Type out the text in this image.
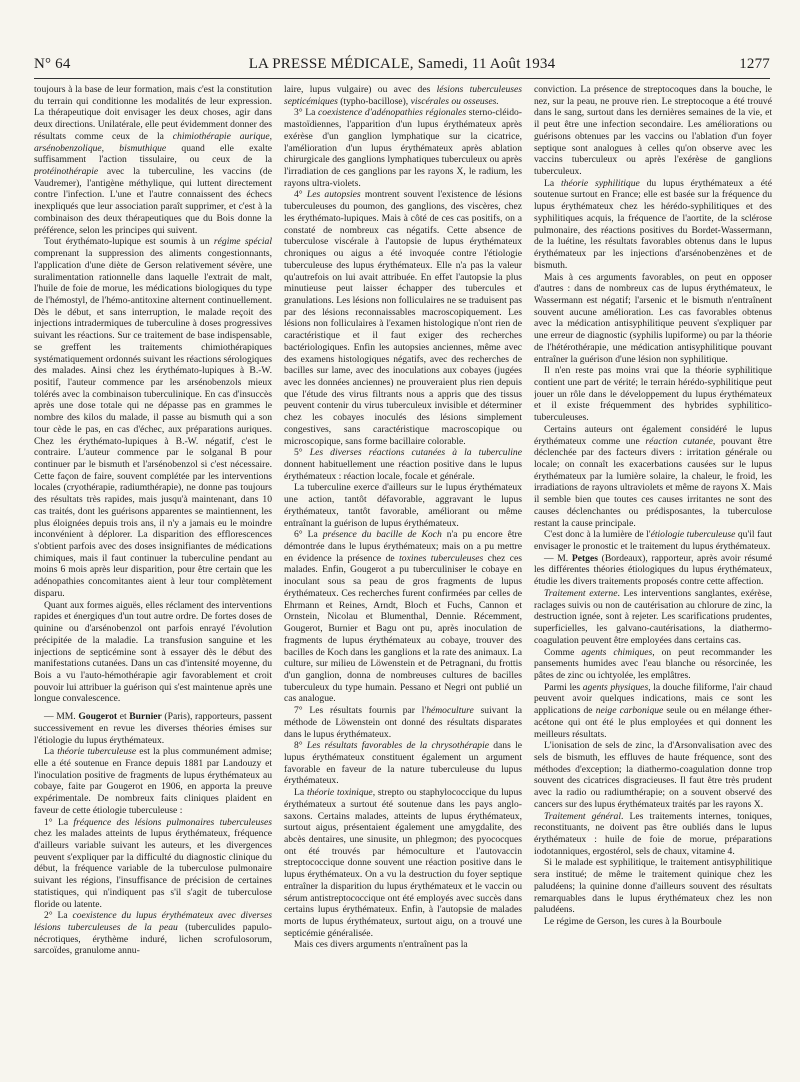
N° 64	LA PRESSE MÉDICALE, Samedi, 11 Août 1934	1277

toujours à la base de leur formation, mais c'est la constitution du terrain qui conditionne les modalités de leur expression. La thérapeutique doit envisager les deux choses, agir dans deux directions. Unilatérale, elle peut évidemment donner des résultats comme ceux de la chimiothérapie aurique, arsénobenzolique, bismuthique quand elle exalte suffisamment l'action tissulaire, ou ceux de la protéinothérapie avec la tuberculine, les vaccins (de Vaudremer), l'antigène méthylique, qui luttent directement contre l'infection. L'une et l'autre connaissent des échecs inexpliqués que leur association paraît supprimer, et c'est à la combinaison des deux thérapeutiques que du Bois donne la préférence, selon les principes qui suivent.

Tout érythémato-lupique est soumis à un régime spécial comprenant la suppression des aliments congestionnants, l'application d'une diète de Gerson relativement sévère, une suralimentation rationnelle dans laquelle l'extrait de malt, l'huile de foie de morue, les médications biologiques du type de l'hémostyl, de l'hémo-antitoxine alternent continuellement. Dès le début, et sans interruption, le malade reçoit des injections intradermiques de tuberculine à doses progressives suivant les réactions. Sur ce traitement de base indispensable, se greffent les traitements chimiothérapiques systématiquement ordonnés suivant les réactions sérologiques des malades. Ainsi chez les érythémato-lupiques à B.-W. positif, l'auteur commence par les arsénobenzols mieux tolérés avec la combinaison tuberculinique. En cas d'insuccès après une dose totale qui ne dépasse pas en grammes le nombre des kilos du malade, il passe au bismuth qui a son tour cède le pas, en cas d'échec, aux préparations auriques. Chez les érythémato-lupiques à B.-W. négatif, c'est le contraire. L'auteur commence par le solganal B pour continuer par le bismuth et l'arsénobenzol si c'est nécessaire. Cette façon de faire, souvent complétée par les interventions locales (cryothérapie, radiumthérapie), ne donne pas toujours des résultats très rapides, mais jusqu'à maintenant, dans 10 cas traités, dont les guérisons apparentes se maintiennent, les plus éloignées depuis trois ans, il n'y a jamais eu le moindre inconvénient à déplorer. La disparition des efflorescences s'obtient parfois avec des doses insignifiantes de médications chimiques, mais il faut continuer la tuberculine pendant au moins 6 mois après leur disparition, pour être certain que les adénopathies concomitantes aient à leur tour complètement disparu.

Quant aux formes aiguës, elles réclament des interventions rapides et énergiques d'un tout autre ordre. De fortes doses de quinine ou d'arsénobenzol ont parfois enrayé l'évolution précipitée de la maladie. La transfusion sanguine et les injections de septicémine sont à essayer dès le début des manifestations cutanées. Dans un cas d'intensité moyenne, du Bois a vu l'auto-hémothérapie agir favorablement et croit pouvoir lui attribuer la guérison qui s'est maintenue après une longue convalescence.

— MM. Gougerot et Burnier (Paris), rapporteurs, passent successivement en revue les diverses théories émises sur l'étiologie du lupus érythémateux.

La théorie tuberculeuse est la plus communément admise; elle a été soutenue en France depuis 1881 par Landouzy et l'inoculation positive de fragments de lupus érythémateux au cobaye, faite par Gougerot en 1906, en apporta la preuve expérimentale. De nombreux faits cliniques plaident en faveur de cette étiologie tuberculeuse :

1° La fréquence des lésions pulmonaires tuberculeuses chez les malades atteints de lupus érythémateux, fréquence d'ailleurs variable suivant les auteurs, et les divergences peuvent s'expliquer par la difficulté du diagnostic clinique du début, la fréquence variable de la tuberculose pulmonaire suivant les régions, l'insuffisance de précision de certaines statistiques, qui n'indiquent pas s'il s'agit de tuberculose floride ou latente.

2° La coexistence du lupus érythémateux avec diverses lésions tuberculeuses de la peau (tuberculides papulo-nécrotiques, érythème induré, lichen scrofulosorum, sarcoïdes, granulome annu-

laire, lupus vulgaire) ou avec des lésions tuberculeuses septicémiques (typho-bacillose), viscérales ou osseuses.

3° La coexistence d'adénopathies régionales sterno-cléido-mastoïdiennes, l'apparition d'un lupus érythémateux après exérèse d'un ganglion lymphatique sur la cicatrice, l'amélioration d'un lupus érythémateux après ablation chirurgicale des ganglions lymphatiques tuberculeux ou après l'irradiation de ces ganglions par les rayons X, le radium, les rayons ultra-violets.

4° Les autopsies montrent souvent l'existence de lésions tuberculeuses du poumon, des ganglions, des viscères, chez les érythémato-lupiques. Mais à côté de ces cas positifs, on a constaté de nombreux cas négatifs. Cette absence de tuberculose viscérale à l'autopsie de lupus érythémateux chroniques ou aigus a été invoquée contre l'étiologie tuberculeuse des lupus érythémateux. Elle n'a pas la valeur qu'autrefois on lui avait attribuée. En effet l'autopsie la plus minutieuse peut laisser échapper des tubercules et granulations. Les lésions non folliculaires ne se traduisent pas par des lésions reconnaissables macroscopiquement. Les lésions non folliculaires à l'examen histologique n'ont rien de caractéristique et il faut exiger des recherches bactériologiques. Enfin les autopsies anciennes, même avec des examens histologiques négatifs, avec des recherches de bacilles sur lame, avec des inoculations aux cobayes (jugées avec les données anciennes) ne prouveraient plus rien depuis que l'étude des virus filtrants nous a appris que des tissus peuvent contenir du virus tuberculeux invisible et déterminer chez les cobayes inoculés des lésions simplement congestives, sans caractéristique macroscopique ou microscopique, sans forme bacillaire colorable.

5° Les diverses réactions cutanées à la tuberculine donnent habituellement une réaction positive dans le lupus érythémateux : réaction locale, focale et générale.

La tuberculine exerce d'ailleurs sur le lupus érythémateux une action, tantôt défavorable, aggravant le lupus érythémateux, tantôt favorable, améliorant ou même entraînant la guérison de lupus érythémateux.

6° La présence du bacille de Koch n'a pu encore être démontrée dans le lupus érythémateux; mais on a pu mettre en évidence la présence de toxines tuberculeuses chez ces malades. Enfin, Gougerot a pu tuberculiniser le cobaye en inoculant sous sa peau de gros fragments de lupus érythémateux. Ces recherches furent confirmées par celles de Ehrmann et Reines, Arndt, Bloch et Fuchs, Cannon et Ornstein, Nicolau et Blumenthal, Dennie. Récemment, Gougerot, Burnier et Bagu ont pu, après inoculation de fragments de lupus érythémateux au cobaye, trouver des bacilles de Koch dans les ganglions et la rate des animaux. La culture, sur milieu de Löwenstein et de Petragnani, du frottis d'un ganglion, donna de nombreuses cultures de bacilles tuberculeux du type humain. Pessano et Negri ont publié un cas analogue.

7° Les résultats fournis par l'hémoculture suivant la méthode de Löwenstein ont donné des résultats disparates dans le lupus érythémateux.

8° Les résultats favorables de la chrysothérapie dans le lupus érythémateux constituent également un argument favorable en faveur de la nature tuberculeuse du lupus érythémateux.

La théorie toxinique, strepto ou staphylococcique du lupus érythémateux a surtout été soutenue dans les pays anglo-saxons. Certains malades, atteints de lupus érythémateux, surtout aigus, présentaient également une amygdalite, des abcès dentaires, une sinusite, un phlegmon; des pyococques ont été trouvés par hémoculture et l'autovaccin streptococcique donne souvent une réaction positive dans le lupus érythémateux. On a vu la destruction du foyer septique entraîner la disparition du lupus érythémateux et le vaccin ou sérum antistreptococcique ont été employés avec succès dans certains lupus érythémateux. Enfin, à l'autopsie de malades morts de lupus érythémateux, surtout aigu, on a trouvé une septicémie généralisée.

Mais ces divers arguments n'entraînent pas la

conviction. La présence de streptocoques dans la bouche, le nez, sur la peau, ne prouve rien. Le streptocoque a été trouvé dans le sang, surtout dans les dernières semaines de la vie, et il peut être une infection secondaire. Les améliorations ou guérisons obtenues par les vaccins ou l'ablation d'un foyer septique sont analogues à celles qu'on observe avec les vaccins tuberculeux ou après l'exérèse de ganglions tuberculeux.

La théorie syphilitique du lupus érythémateux a été soutenue surtout en France; elle est basée sur la fréquence du lupus érythémateux chez les hérédo-syphilitiques et des syphilitiques acquis, la fréquence de l'aortite, de la sclérose pulmonaire, des réactions positives du Bordet-Wassermann, de la luétine, les résultats favorables obtenus dans le lupus érythémateux par les injections d'arsénobenzènes et de bismuth.

Mais à ces arguments favorables, on peut en opposer d'autres : dans de nombreux cas de lupus érythémateux, le Wassermann est négatif; l'arsenic et le bismuth n'entraînent souvent aucune amélioration. Les cas favorables obtenus avec la médication antisyphilitique peuvent s'expliquer par une erreur de diagnostic (syphilis lupiforme) ou par la théorie de l'hétérothérapie, une médication antisyphilitique pouvant entraîner la guérison d'une lésion non syphilitique.

Il n'en reste pas moins vrai que la théorie syphilitique contient une part de vérité; le terrain hérédo-syphilitique peut jouer un rôle dans le développement du lupus érythémateux et il existe fréquemment des hybrides syphilitico-tuberculeuses.

Certains auteurs ont également considéré le lupus érythémateux comme une réaction cutanée, pouvant être déclenchée par des facteurs divers : irritation générale ou locale; on connaît les exacerbations causées sur le lupus érythémateux par la lumière solaire, la chaleur, le froid, les irradiations de rayons ultraviolets et même de rayons X. Mais il semble bien que toutes ces causes irritantes ne sont des causes déclenchantes ou prédisposantes, la tuberculose restant la cause principale.

C'est donc à la lumière de l'étiologie tuberculeuse qu'il faut envisager le pronostic et le traitement du lupus érythémateux.

— M. Petges (Bordeaux), rapporteur, après avoir résumé les différentes théories étiologiques du lupus érythémateux, étudie les divers traitements proposés contre cette affection.

Traitement externe. Les interventions sanglantes, exérèse, raclages suivis ou non de cautérisation au chlorure de zinc, la destruction ignée, sont à rejeter. Les scarifications prudentes, superficielles, les galvano-cautérisations, la diathermo-coagulation peuvent être employées dans certains cas.

Comme agents chimiques, on peut recommander les pansements humides avec l'eau blanche ou résorcinée, les pâtes de zinc ou ichtyolée, les emplâtres.

Parmi les agents physiques, la douche filiforme, l'air chaud peuvent avoir quelques indications, mais ce sont les applications de neige carbonique seule ou en mélange éther-acétone qui ont été le plus employées et qui donnent les meilleurs résultats.

L'ionisation de sels de zinc, la d'Arsonvalisation avec des sels de bismuth, les effluves de haute fréquence, sont des méthodes d'exception; la diathermo-coagulation donne trop souvent des cicatrices disgracieuses. Il faut être très prudent avec la radio ou radiumthérapie; on a souvent observé des cancers sur des lupus érythémateux traités par les rayons X.

Traitement général. Les traitements internes, toniques, reconstituants, ne doivent pas être oubliés dans le lupus érythémateux : huile de foie de morue, préparations iodotanniques, ergostérol, sels de chaux, vitamine 4.

Si le malade est syphilitique, le traitement antisyphilitique sera institué; de même le traitement quinique chez les paludéens; la quinine donne d'ailleurs souvent des résultats remarquables dans le lupus érythémateux chez les non paludéens.

Le régime de Gerson, les cures à la Bourboule
